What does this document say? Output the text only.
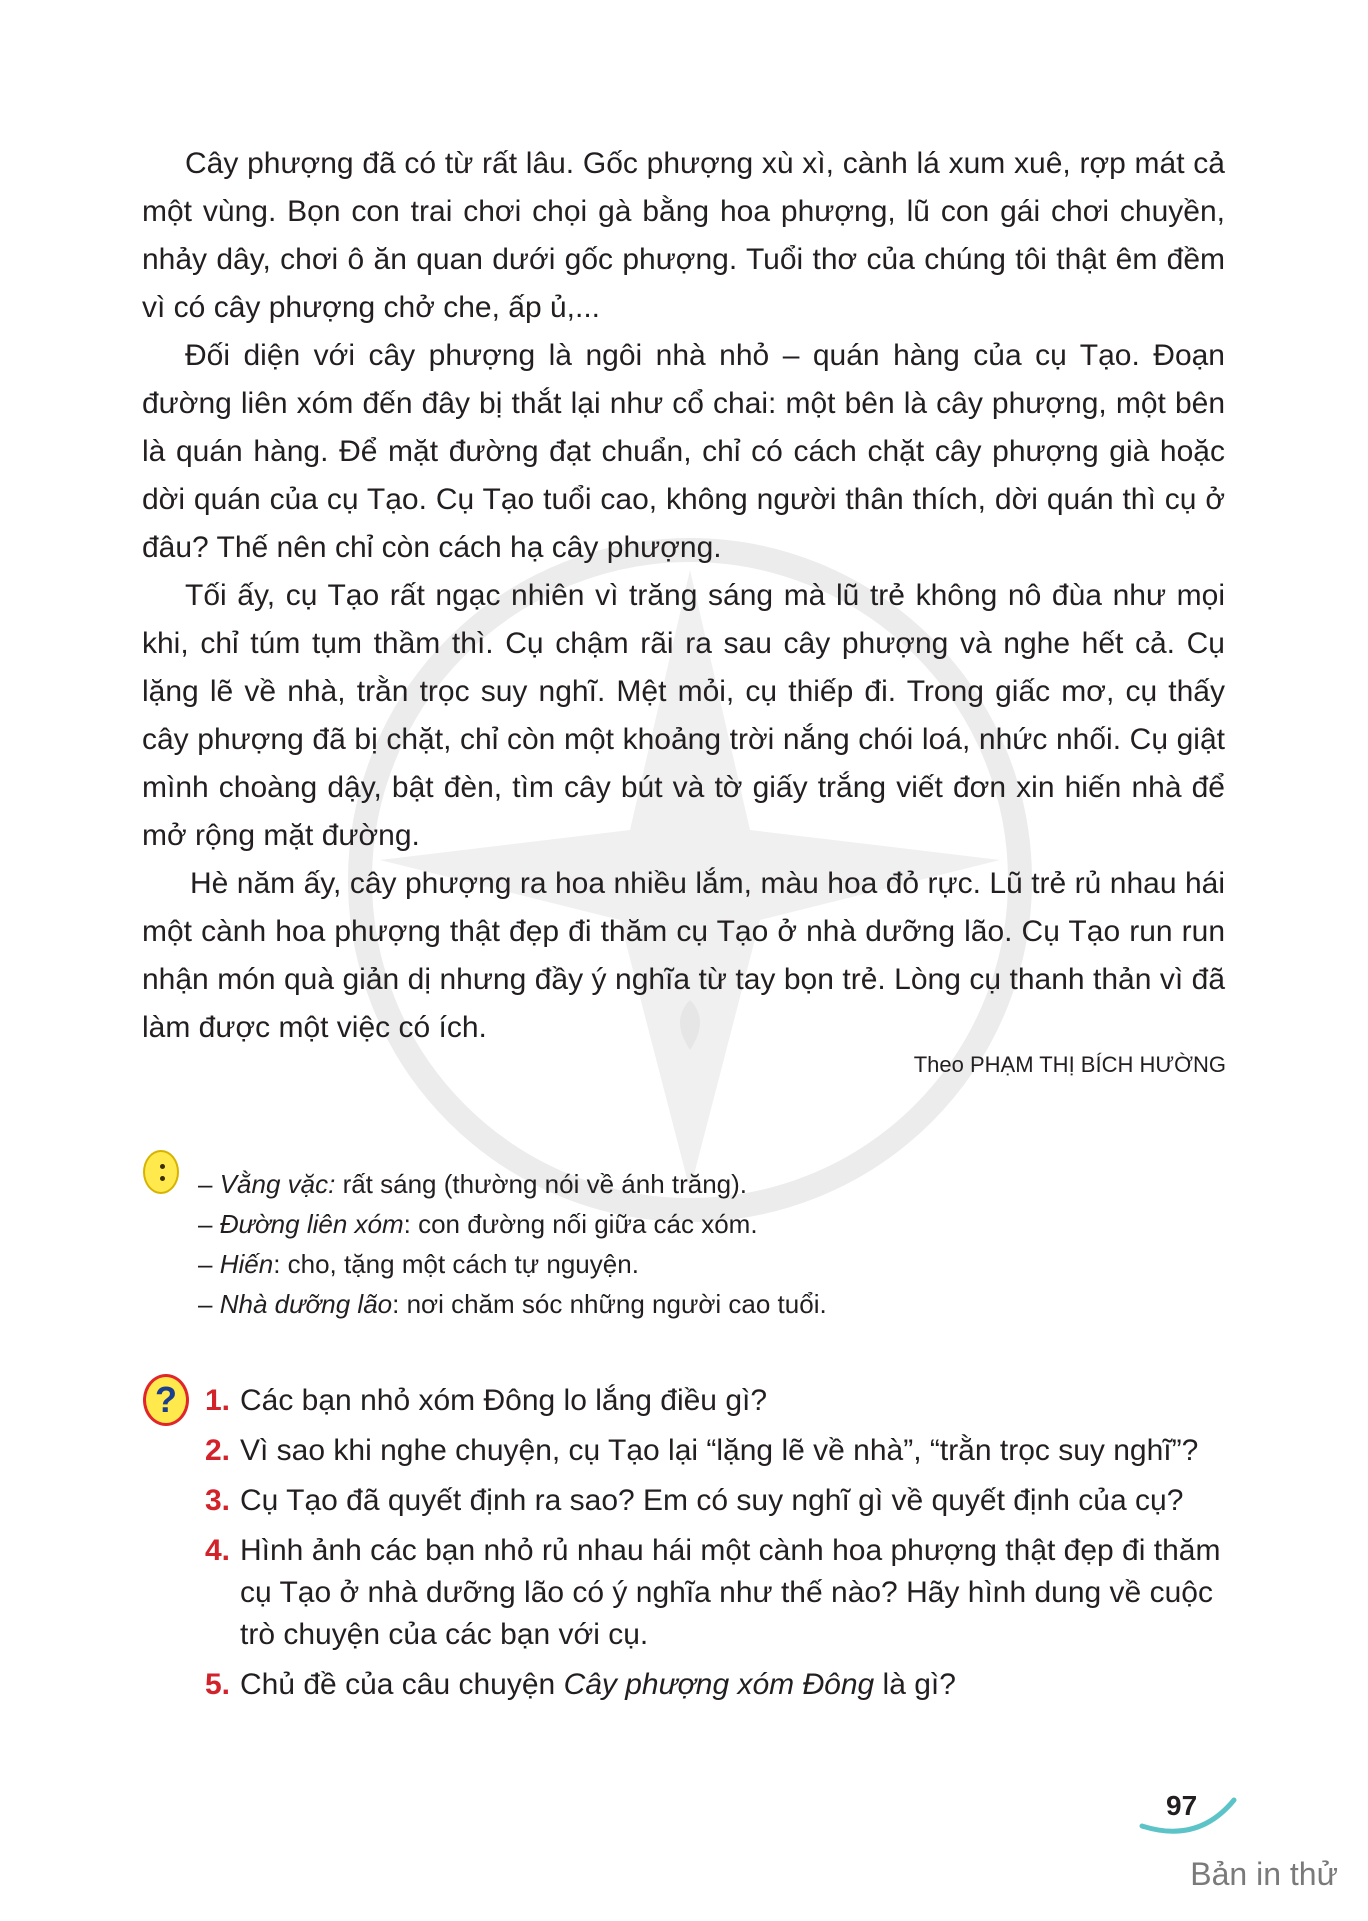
Cây phượng đã có từ rất lâu. Gốc phượng xù xì, cành lá xum xuê, rợp mát cả một vùng. Bọn con trai chơi chọi gà bằng hoa phượng, lũ con gái chơi chuyền, nhảy dây, chơi ô ăn quan dưới gốc phượng. Tuổi thơ của chúng tôi thật êm đềm vì có cây phượng chở che, ấp ủ,...

Đối diện với cây phượng là ngôi nhà nhỏ – quán hàng của cụ Tạo. Đoạn đường liên xóm đến đây bị thắt lại như cổ chai: một bên là cây phượng, một bên là quán hàng. Để mặt đường đạt chuẩn, chỉ có cách chặt cây phượng già hoặc dời quán của cụ Tạo. Cụ Tạo tuổi cao, không người thân thích, dời quán thì cụ ở đâu? Thế nên chỉ còn cách hạ cây phượng.

Tối ấy, cụ Tạo rất ngạc nhiên vì trăng sáng mà lũ trẻ không nô đùa như mọi khi, chỉ túm tụm thầm thì. Cụ chậm rãi ra sau cây phượng và nghe hết cả. Cụ lặng lẽ về nhà, trằn trọc suy nghĩ. Mệt mỏi, cụ thiếp đi. Trong giấc mơ, cụ thấy cây phượng đã bị chặt, chỉ còn một khoảng trời nắng chói loá, nhức nhối. Cụ giật mình choàng dậy, bật đèn, tìm cây bút và tờ giấy trắng viết đơn xin hiến nhà để mở rộng mặt đường.

Hè năm ấy, cây phượng ra hoa nhiều lắm, màu hoa đỏ rực. Lũ trẻ rủ nhau hái một cành hoa phượng thật đẹp đi thăm cụ Tạo ở nhà dưỡng lão. Cụ Tạo run run nhận món quà giản dị nhưng đầy ý nghĩa từ tay bọn trẻ. Lòng cụ thanh thản vì đã làm được một việc có ích.

Theo PHẠM THỊ BÍCH HƯỜNG
– Vằng vặc: rất sáng (thường nói về ánh trăng).
– Đường liên xóm: con đường nối giữa các xóm.
– Hiến: cho, tặng một cách tự nguyện.
– Nhà dưỡng lão: nơi chăm sóc những người cao tuổi.
? 1. Các bạn nhỏ xóm Đông lo lắng điều gì?
2. Vì sao khi nghe chuyện, cụ Tạo lại “lặng lẽ về nhà”, “trằn trọc suy nghĩ”?
3. Cụ Tạo đã quyết định ra sao? Em có suy nghĩ gì về quyết định của cụ?
4. Hình ảnh các bạn nhỏ rủ nhau hái một cành hoa phượng thật đẹp đi thăm cụ Tạo ở nhà dưỡng lão có ý nghĩa như thế nào? Hãy hình dung về cuộc trò chuyện của các bạn với cụ.
5. Chủ đề của câu chuyện Cây phượng xóm Đông là gì?
97
Bản in thử
